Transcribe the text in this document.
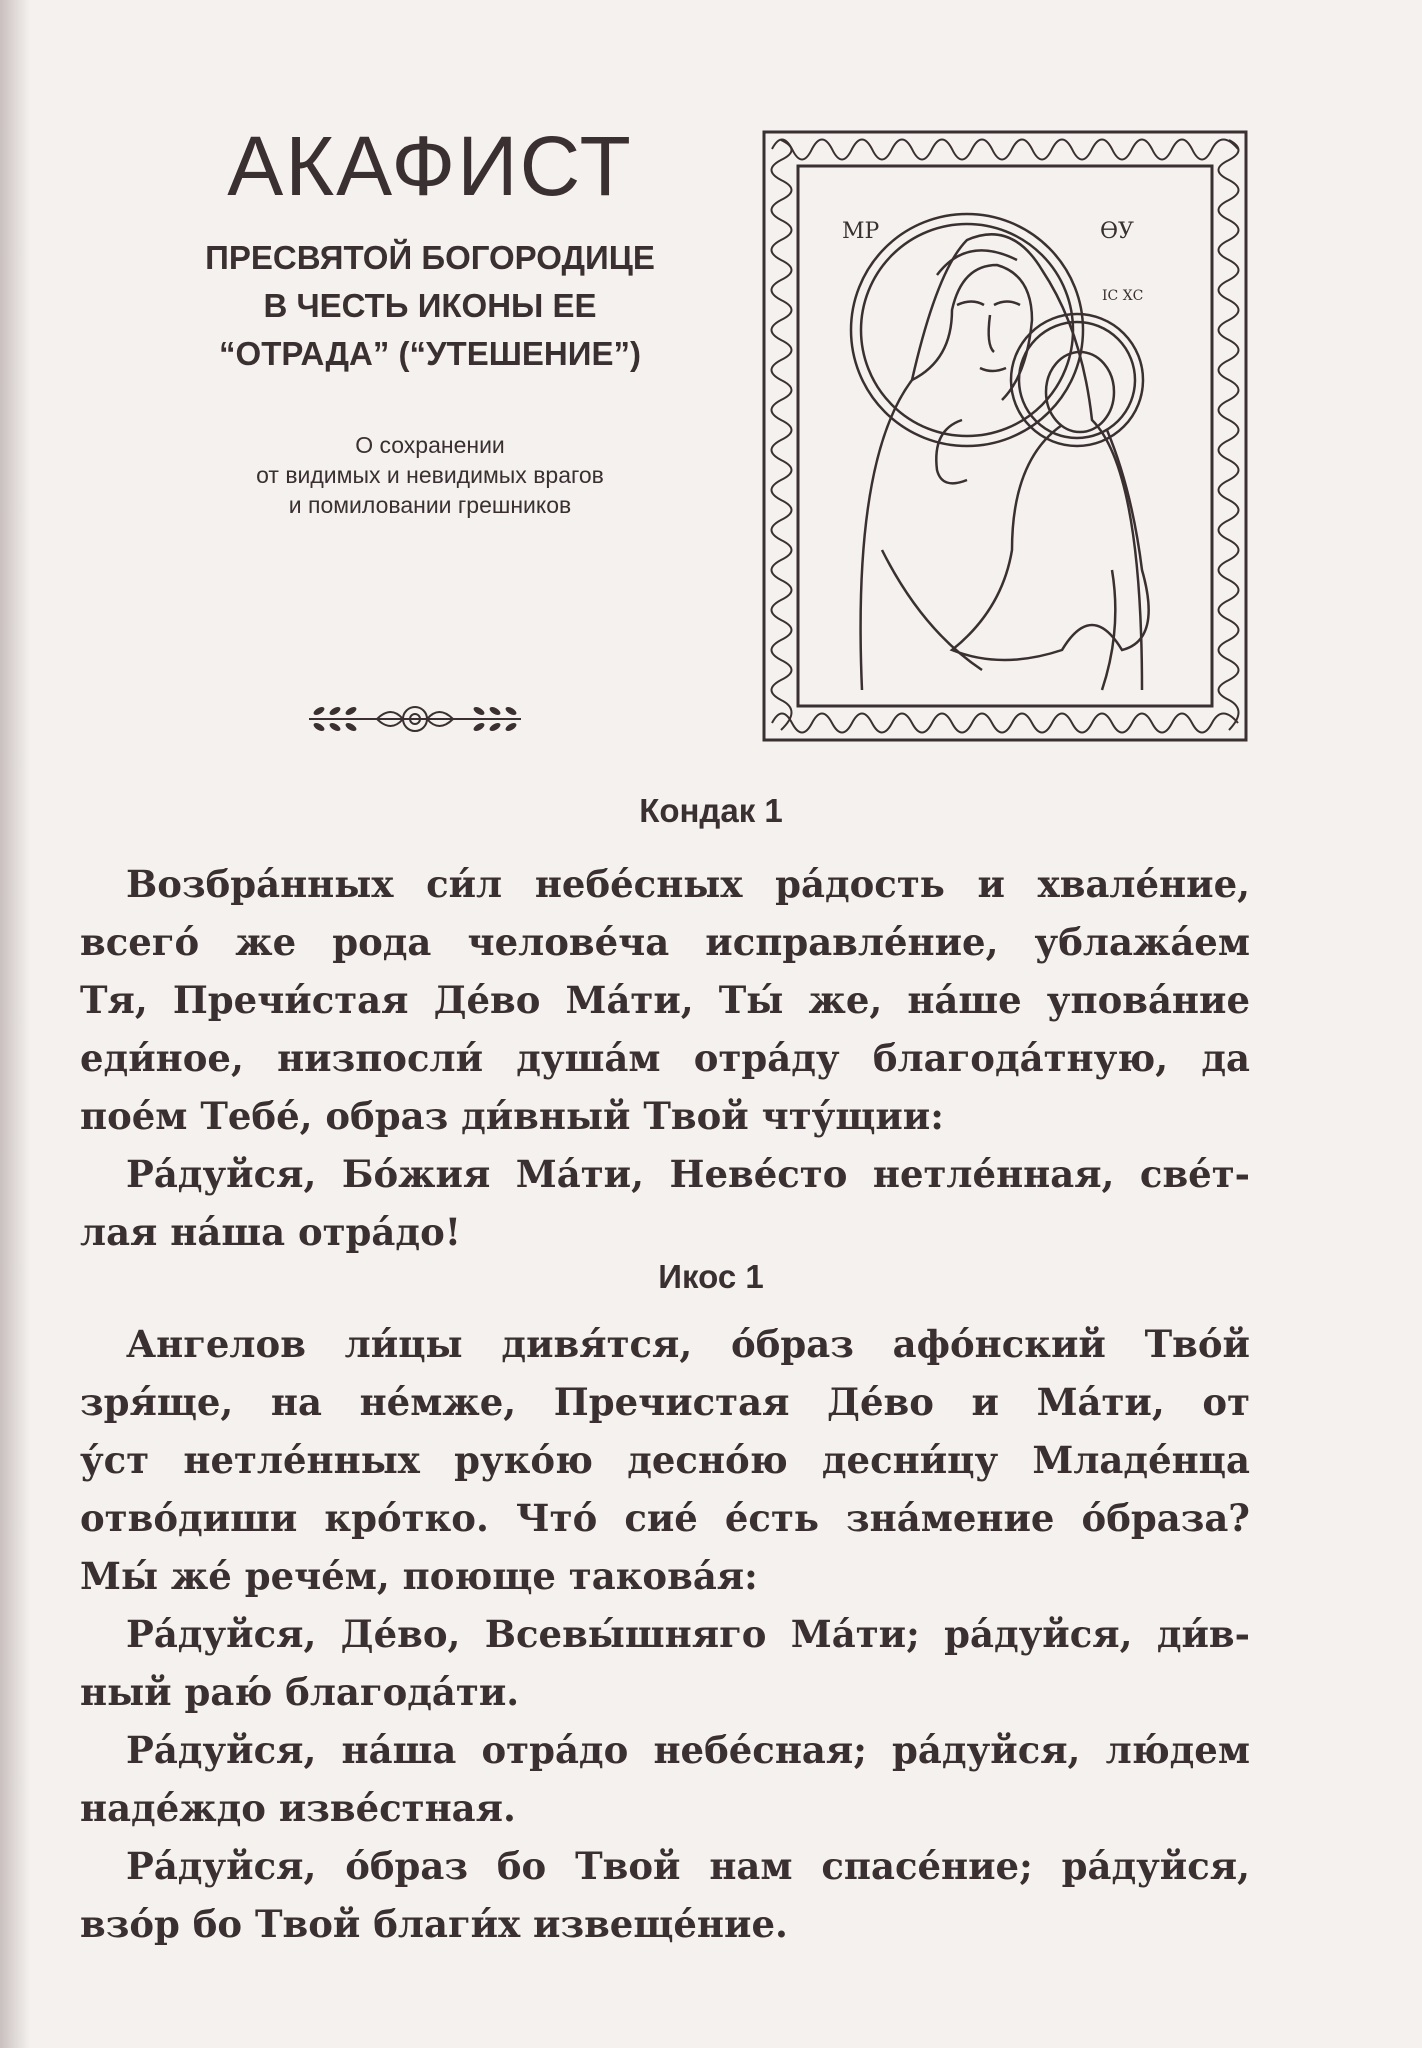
АКАФИСТ
ПРЕСВЯТОЙ БОГОРОДИЦЕ
В ЧЕСТЬ ИКОНЫ ЕЕ
“ОТРАДА” (“УТЕШЕНИЕ”)
О сохранении
от видимых и невидимых врагов
и помиловании грешников
МР	ѲУ
ІС ХС
Кондак 1
Возбра́нных си́л небе́сных ра́дость и хвале́ние,
всего́ же рода челове́ча исправле́ние, ублажа́ем
Тя, Пречи́стая Де́во Ма́ти, Ты́ же, на́ше упова́ние
еди́ное, низпосли́ душа́м отра́ду благода́тную, да
пое́м Тебе́, образ ди́вный Твой чту́щии:
Ра́дуйся, Бо́жия Ма́ти, Неве́сто нетле́нная, све́т-
лая на́ша отра́до!
Икос 1
Ангелов ли́цы дивя́тся, о́браз афо́нский Тво́й
зря́ще, на не́мже, Пречистая Де́во и Ма́ти, от
у́ст нетле́нных руко́ю десно́ю десни́цу Младе́нца
отво́диши кро́тко. Что́ сие́ е́сть зна́мение о́браза?
Мы́ же́ рече́м, поюще такова́я:
Ра́дуйся, Де́во, Всевы́шняго Ма́ти; ра́дуйся, ди́в-
ный раю́ благода́ти.
Ра́дуйся, на́ша отра́до небе́сная; ра́дуйся, лю́дем
наде́ждо изве́стная.
Ра́дуйся, о́браз бо Твой нам спасе́ние; ра́дуйся,
взо́р бо Твой благи́х извеще́ние.
